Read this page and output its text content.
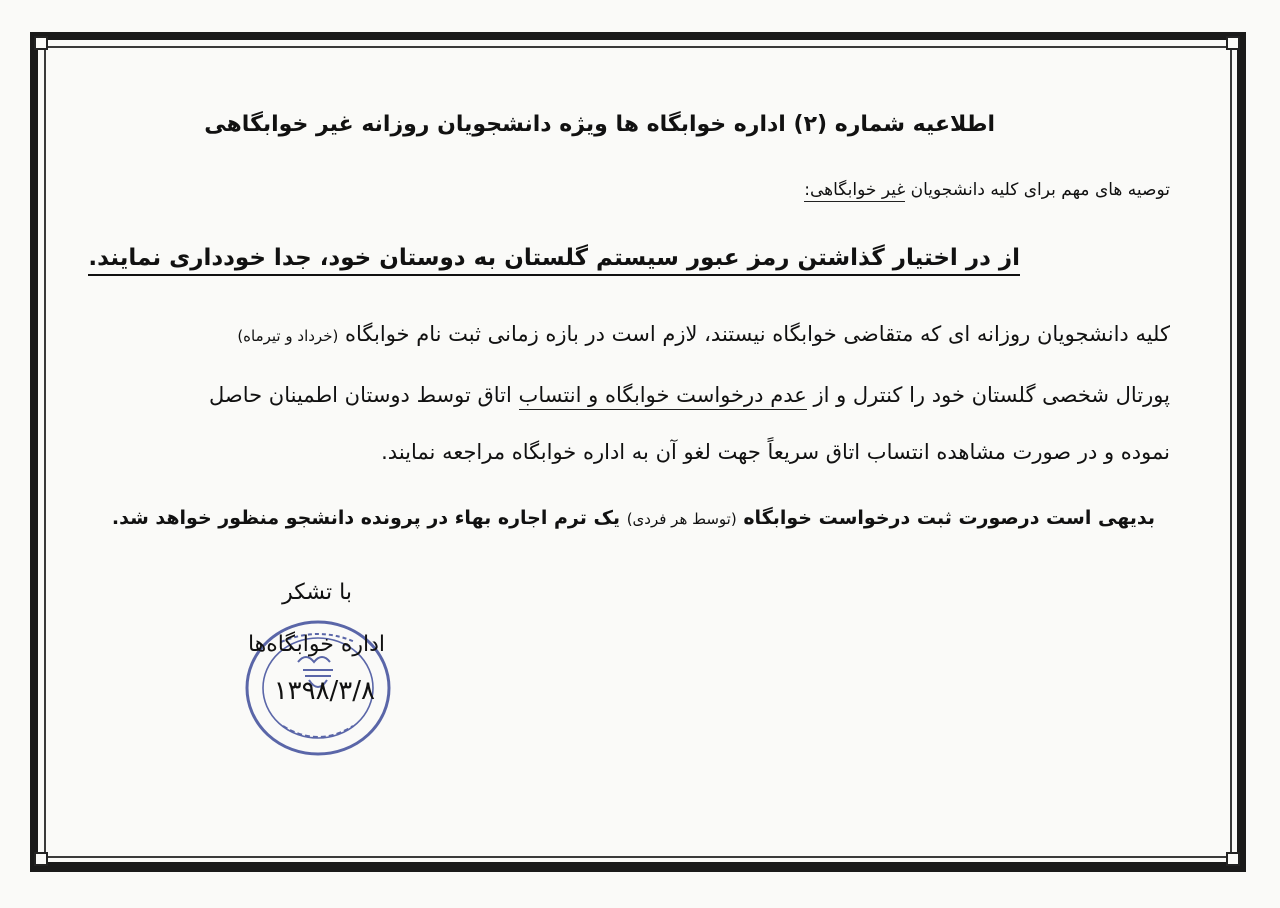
اطلاعیه شماره (۲) اداره خوابگاه ها ویژه دانشجویان روزانه غیر خوابگاهی
توصیه های مهم برای کلیه دانشجویان غیر خوابگاهی:
از در اختیار گذاشتن رمز عبور سیستم گلستان به دوستان خود، جدا خودداری نمایند.
کلیه دانشجویان روزانه ای که متقاضی خوابگاه نیستند، لازم است در بازه زمانی ثبت نام خوابگاه (خرداد و تیرماه)
پورتال شخصی گلستان خود را کنترل و از عدم درخواست خوابگاه و انتساب اتاق توسط دوستان اطمینان حاصل
نموده و در صورت مشاهده انتساب اتاق سریعاً جهت لغو آن به اداره خوابگاه مراجعه نمایند.
بدیهی است درصورت ثبت درخواست خوابگاه (توسط هر فردی) یک ترم اجاره بهاء در پرونده دانشجو منظور خواهد شد.
با تشکر
اداره خوابگاه‌ها
۱۳۹۸/۳/۸
